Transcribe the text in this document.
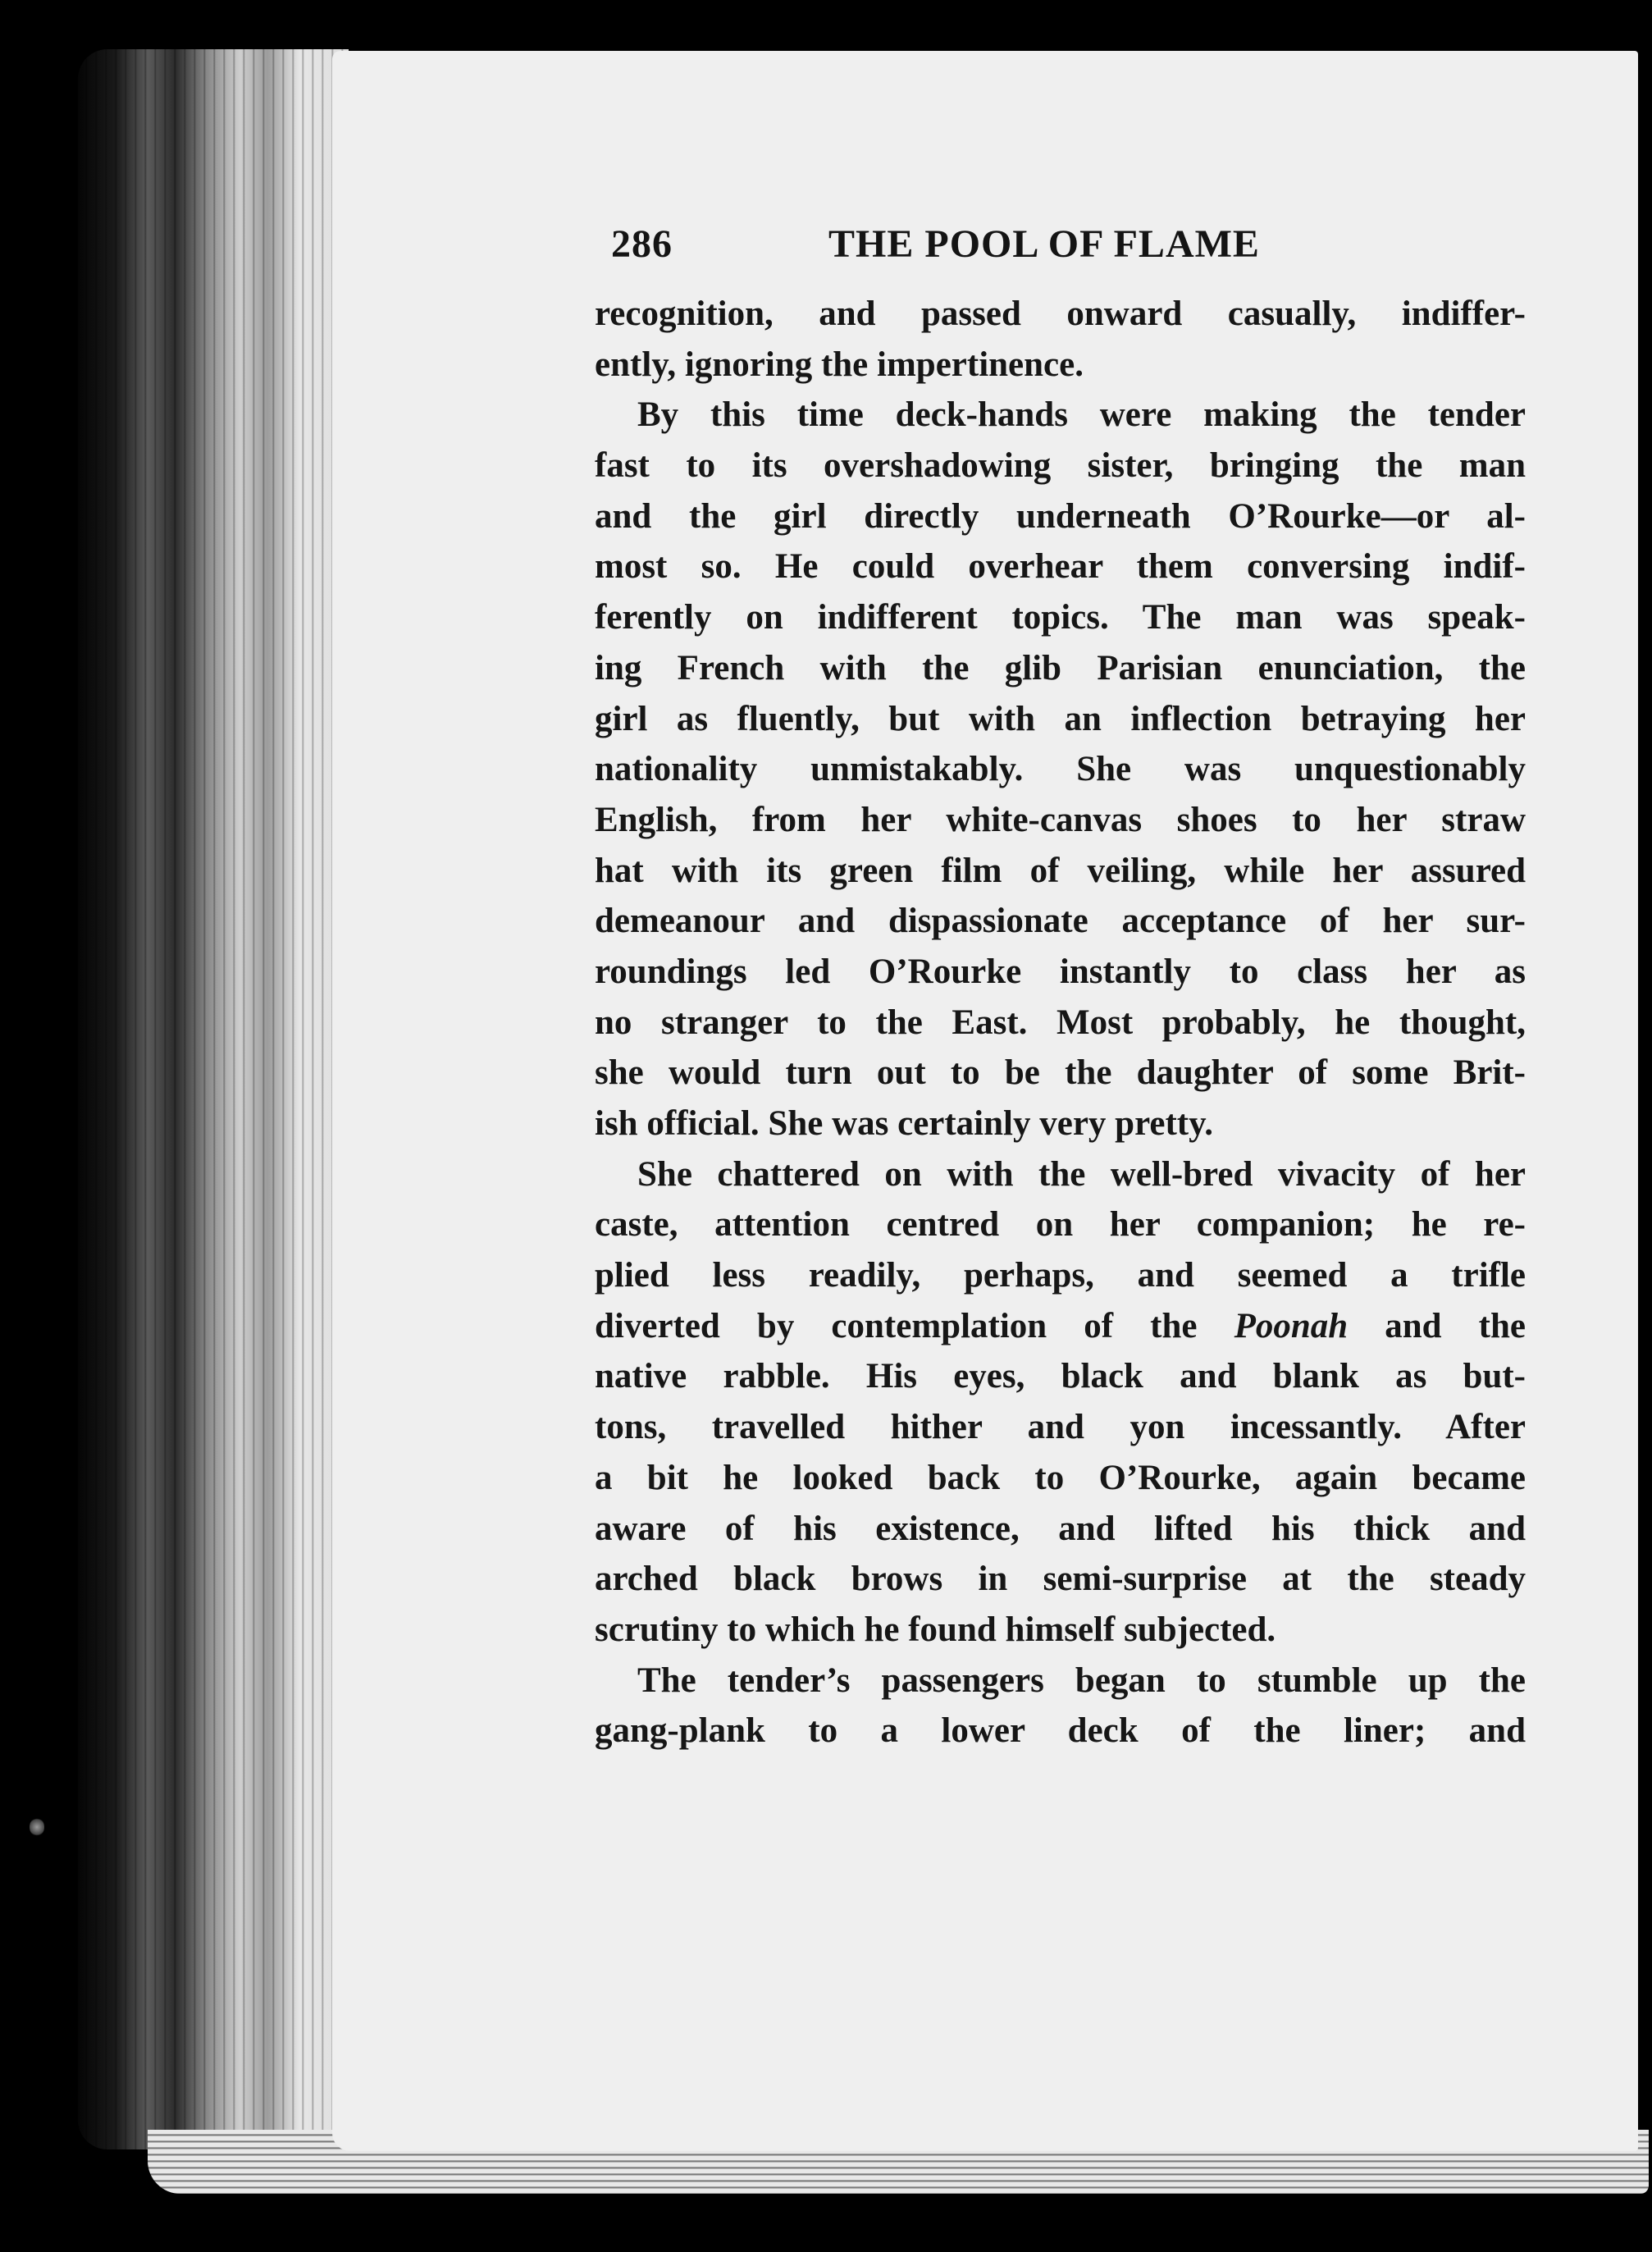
286	THE POOL OF FLAME

recognition, and passed onward casually, indiffer-
ently, ignoring the impertinence.

By this time deck-hands were making the tender
fast to its overshadowing sister, bringing the man
and the girl directly underneath O’Rourke—or al-
most so. He could overhear them conversing indif-
ferently on indifferent topics. The man was speak-
ing French with the glib Parisian enunciation, the
girl as fluently, but with an inflection betraying her
nationality unmistakably. She was unquestionably
English, from her white-canvas shoes to her straw
hat with its green film of veiling, while her assured
demeanour and dispassionate acceptance of her sur-
roundings led O’Rourke instantly to class her as
no stranger to the East. Most probably, he thought,
she would turn out to be the daughter of some Brit-
ish official. She was certainly very pretty.

She chattered on with the well-bred vivacity of her
caste, attention centred on her companion; he re-
plied less readily, perhaps, and seemed a trifle
diverted by contemplation of the Poonah and the
native rabble. His eyes, black and blank as but-
tons, travelled hither and yon incessantly. After
a bit he looked back to O’Rourke, again became
aware of his existence, and lifted his thick and
arched black brows in semi-surprise at the steady
scrutiny to which he found himself subjected.

The tender’s passengers began to stumble up the
gang-plank to a lower deck of the liner; and
